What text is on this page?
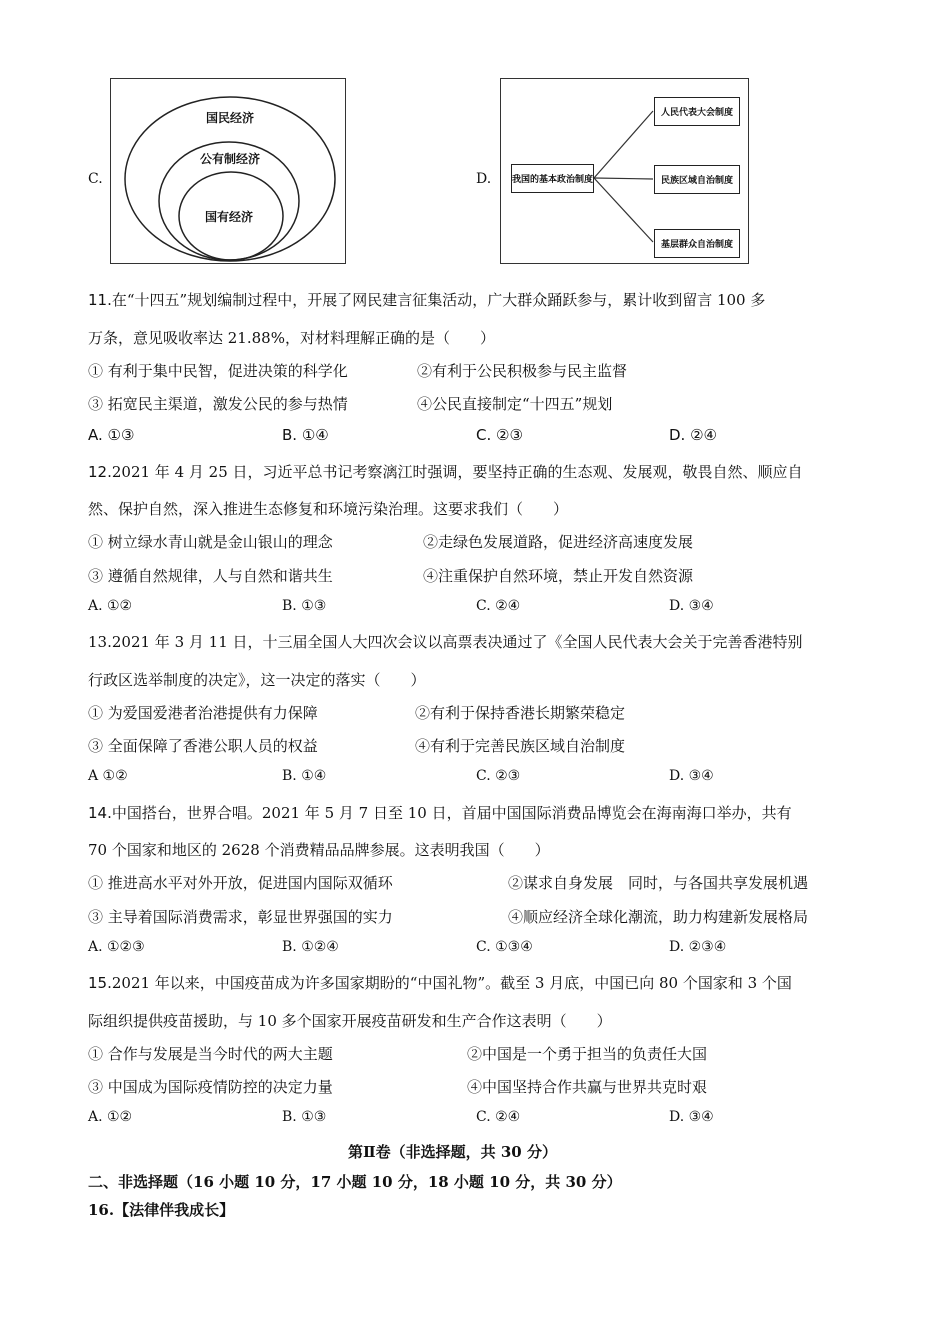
C.
国民经济
公有制经济
国有经济
D. 我国的基本政治制度
人民代表大会制度
民族区域自治制度
基层群众自治制度
11.在“十四五”规划编制过程中，开展了网民建言征集活动，广大群众踊跃参与，累计收到留言 100 多
万条，意见吸收率达 21.88%，对材料理解正确的是（　　）
① 有利于集中民智，促进决策的科学化	②有利于公民积极参与民主监督
③ 拓宽民主渠道，激发公民的参与热情	④公民直接制定“十四五”规划
A. ①③	B. ①④	C. ②③	D. ②④
12.2021 年 4 月 25 日，习近平总书记考察漓江时强调，要坚持正确的生态观、发展观，敬畏自然、顺应自
然、保护自然，深入推进生态修复和环境污染治理。这要求我们（　　）
① 树立绿水青山就是金山银山的理念	②走绿色发展道路，促进经济高速度发展
③ 遵循自然规律，人与自然和谐共生	④注重保护自然环境，禁止开发自然资源
A. ①②	B. ①③	C. ②④	D. ③④
13.2021 年 3 月 11 日，十三届全国人大四次会议以高票表决通过了《全国人民代表大会关于完善香港特别
行政区选举制度的决定》，这一决定的落实（　　）
① 为爱国爱港者治港提供有力保障	②有利于保持香港长期繁荣稳定
③ 全面保障了香港公职人员的权益	④有利于完善民族区域自治制度
A ①②	B. ①④	C. ②③	D. ③④
14.中国搭台，世界合唱。2021 年 5 月 7 日至 10 日，首届中国国际消费品博览会在海南海口举办，共有
70 个国家和地区的 2628 个消费精品品牌参展。这表明我国（　　）
① 推进高水平对外开放，促进国内国际双循环	②谋求自身发展　同时，与各国共享发展机遇
③ 主导着国际消费需求，彰显世界强国的实力	④顺应经济全球化潮流，助力构建新发展格局
A. ①②③	B. ①②④	C. ①③④	D. ②③④
15.2021 年以来，中国疫苗成为许多国家期盼的“中国礼物”。截至 3 月底，中国已向 80 个国家和 3 个国
际组织提供疫苗援助，与 10 多个国家开展疫苗研发和生产合作这表明（　　）
① 合作与发展是当今时代的两大主题	②中国是一个勇于担当的负责任大国
③ 中国成为国际疫情防控的决定力量	④中国坚持合作共赢与世界共克时艰
A. ①②	B. ①③	C. ②④	D. ③④
第Ⅱ卷（非选择题，共 30 分）
二、非选择题（16 小题 10 分，17 小题 10 分，18 小题 10 分，共 30 分）
16.【法律伴我成长】
